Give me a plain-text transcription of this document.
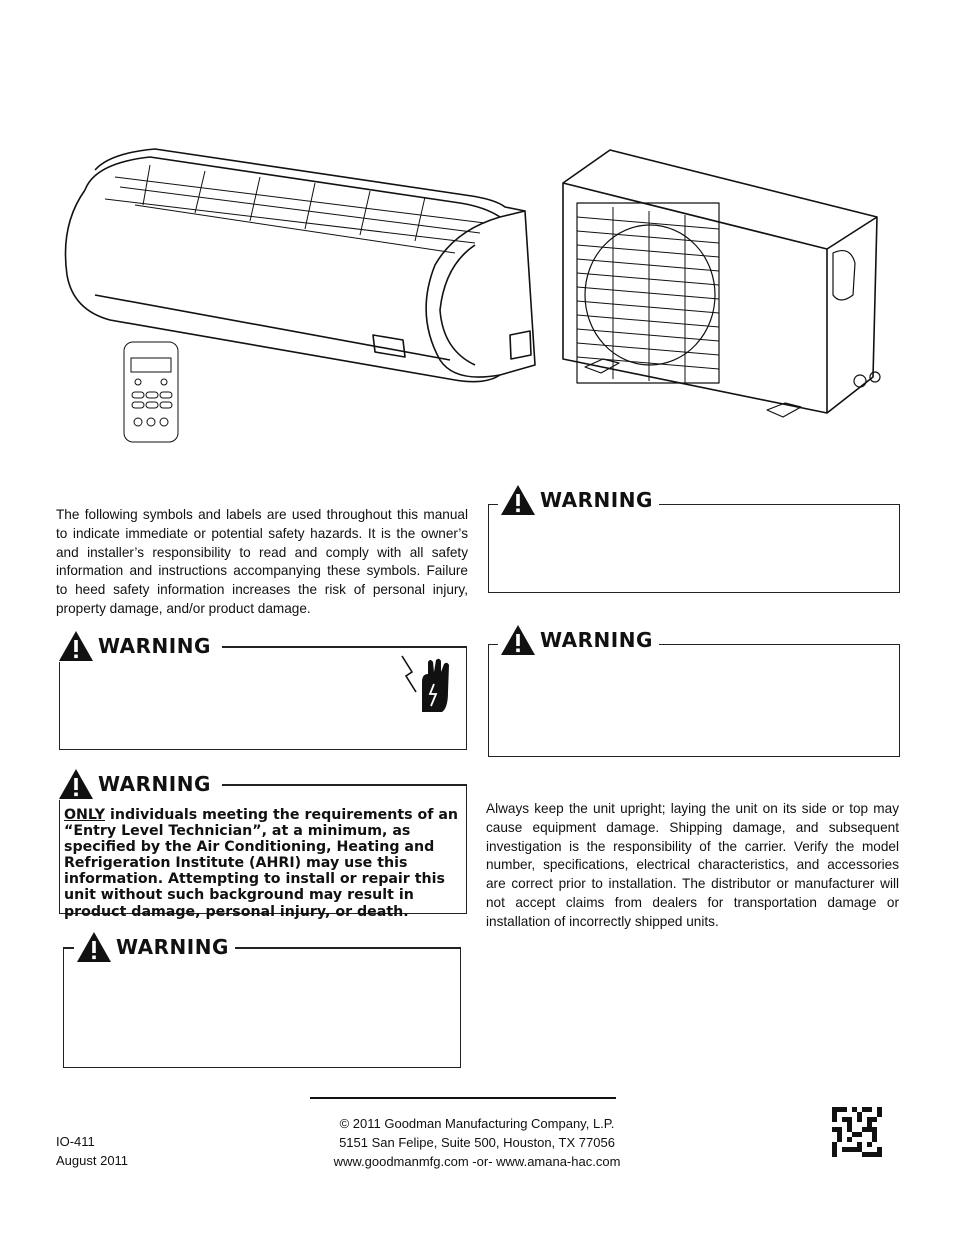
The following symbols and labels are used throughout this manual to indicate immediate or potential safety hazards. It is the owner’s and installer’s responsibility to read and comply with all safety information and instructions accompanying these symbols. Failure to heed safety information increases the risk of personal injury, property damage, and/or product damage.
WARNING
WARNING
WARNING
WARNING
ONLY individuals meeting the requirements of an “Entry Level Technician”, at a minimum, as specified by the Air Conditioning, Heating and Refrigeration Institute (AHRI) may use this information. Attempting to install or repair this unit without such background may result in product damage, personal injury, or death.
WARNING
Always keep the unit upright; laying the unit on its side or top may cause equipment damage. Shipping damage, and subsequent investigation is the responsibility of the carrier. Verify the model number, specifications, electrical characteristics, and accessories are correct prior to installation. The distributor or manufacturer will not accept claims from dealers for transportation damage or installation of incorrectly shipped units.
© 2011 Goodman Manufacturing Company, L.P.
5151 San Felipe, Suite 500, Houston, TX 77056
www.goodmanmfg.com -or- www.amana-hac.com
IO-411
August 2011
